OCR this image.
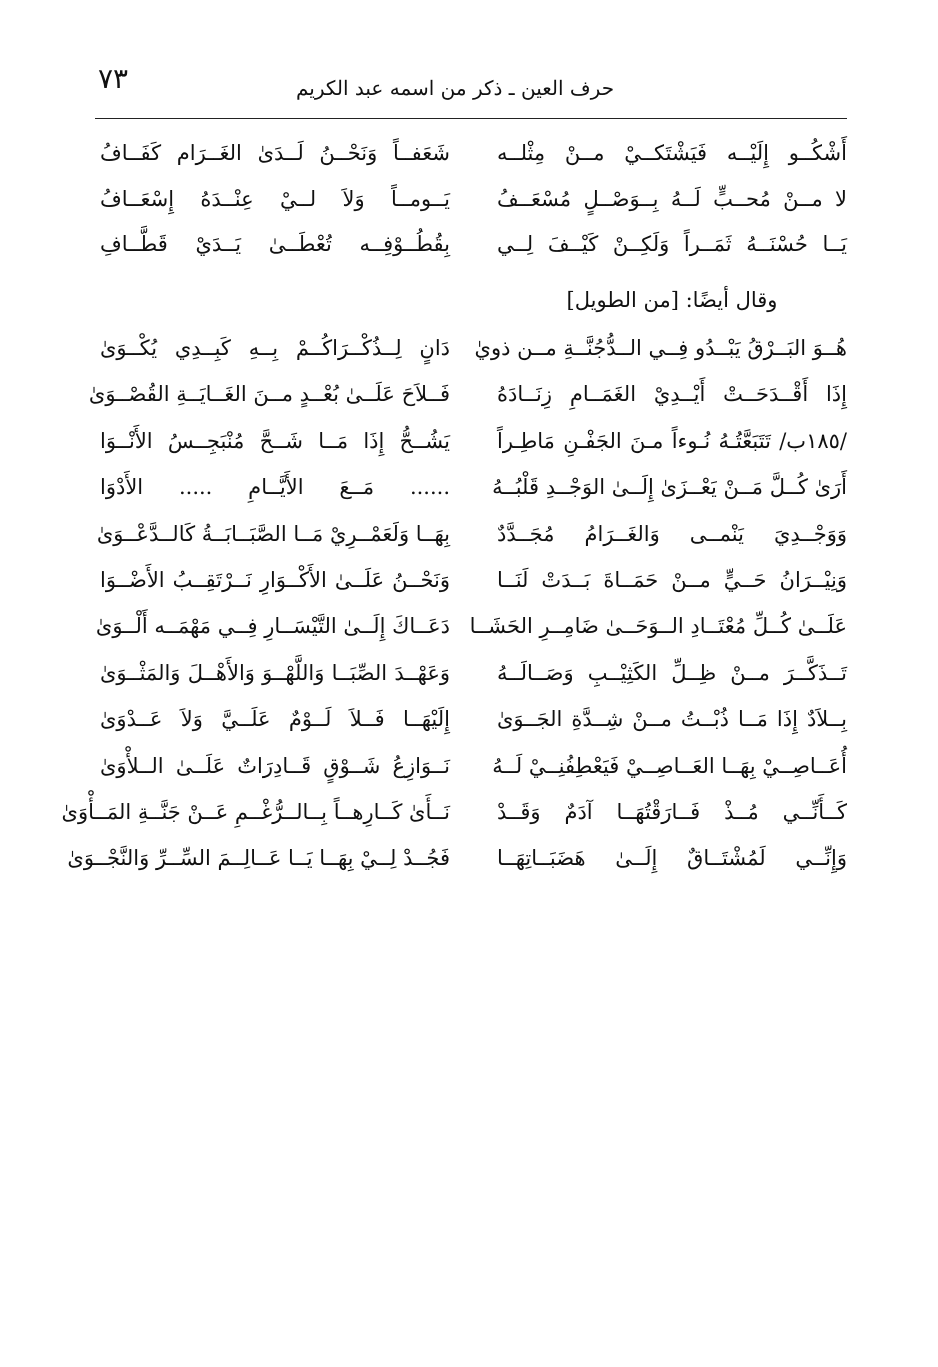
٧٣	حرف العين ـ ذكر من اسمه عبد الكريم
أَشْكُــو إِلَيْــه فَيَشْتَكــيْ مــنْ مِثْلــه
لا مــنْ مُحــبٍّ لَــهُ بِــوَصْــلٍ مُسْعَــفُ
يَــا حُسْنَــهُ ثَمَــراً وَلَكِــنْ كَيْــفَ لِــي
شَعَفــاً وَنَحْــنُ لَــدَىٰ الغَــرَام كَفَــافُ
يَــومــاً وَلاَ لــيْ عِنْــدَهُ إِسْعَــافُ
بِقُطُــوْفِــه تُعْطَــىٰ يَــدَيْ قَطَّــافِ
وقال أيضًا: [من الطويل]
هُــوَ البَــرْقُ يَبْــدُو فِــي الــدُّجُنَّــةِ مــن ذويٰ
إِذَا أَقْــدَحَــتْ أَيْــدِيْ الغَمَــامِ زِنَــادَهُ
/١٨٥ب/ تَتَبَعَّتُـهُ نُـوءاً مـنَ الجَفْـنِ مَاطِـراً
أَرَىٰ كُــلَّ مَــنْ يَعْــزَىٰ إِلَــىٰ الوَجْــدِ قَلْبُــهُ
وَوَجْــدِيَ يَنْمــى وَالغَــرَامُ مُجَــدَّدٌ
وَنِيْــرَانُ حَــيٍّ مــنْ حَمَــاةَ بَــدَتْ لَنَــا
عَلَــىٰ كُــلِّ مُعْتَــادِ الــوَحَــىٰ ضَامِــرِ الحَشَــا
تَــذَكَّــرَ مــنْ ظِــلِّ الكَثِيْــبِ وَصَــالَــهُ
بِــلاَدٌ إِذَا مَــا ذُبْــتُ مــنْ شِــدَّةِ الجَــوَىٰ
أُعَــاصِــيْ بِهَــا العَــاصِــيْ فَيَعْطِفُنِــيْ لَــهُ
كَــأَنِّــي مُــذْ فَــارَقْتُهَــا آدَمٌ وَقَــدْ
وَإِنِّــي لَمُشْتَــاقٌ إِلَــىٰ هَضَبَــاتِهَــا
دَانٍ لِــذُكْــرَاكُــمْ بِــهِ كَبِــدِي يُكْــوَىٰ
فَــلاَحَ عَلَــىٰ بُعْــدٍ مــنَ الغَــايَــةِ القُصْــوَىٰ
يَشُــحُّ إِذَا مَــا شَــحَّ مُنْبَجِــسُ الأَنْــوَا
...... مَــعَ الأَيَّــامِ ..... الأَدْوَا
بِهَــا وَلَعَمْــرِيْ مَــا الصَّبَــابَــةُ كَالــدَّعْــوَىٰ
وَنَحْــنُ عَلَــىٰ الأَكْــوَارِ نَــرْتَقِــبُ الأَضْــوَا
دَعَــاكَ إِلَــىٰ التَّيْسَــارِ فِــي مَهْمَــه أَلْــوَىٰ
وَعَهْــدَ الصِّبَــا وَاللَّهْــوَ وَالأَهْــلَ وَالمَثْــوَىٰ
إِلَيْهَــا فَــلاَ لَــوْمٌ عَلَــيَّ وَلاَ عَــدْوَىٰ
نَــوَازِعُ شَــوْقٍ قَــادِرَاتٌ عَلَــىٰ الــلأْوَىٰ
نَــأَىٰ كَــارِهــاً بِــالــرُّغْــمِ عَــنْ جَنَّــةِ المَــأْوَىٰ
فَجُــدْ لِــيْ بِهَــا يَــا عَــالِــمَ السِّــرِّ وَالنَّجْــوَىٰ
